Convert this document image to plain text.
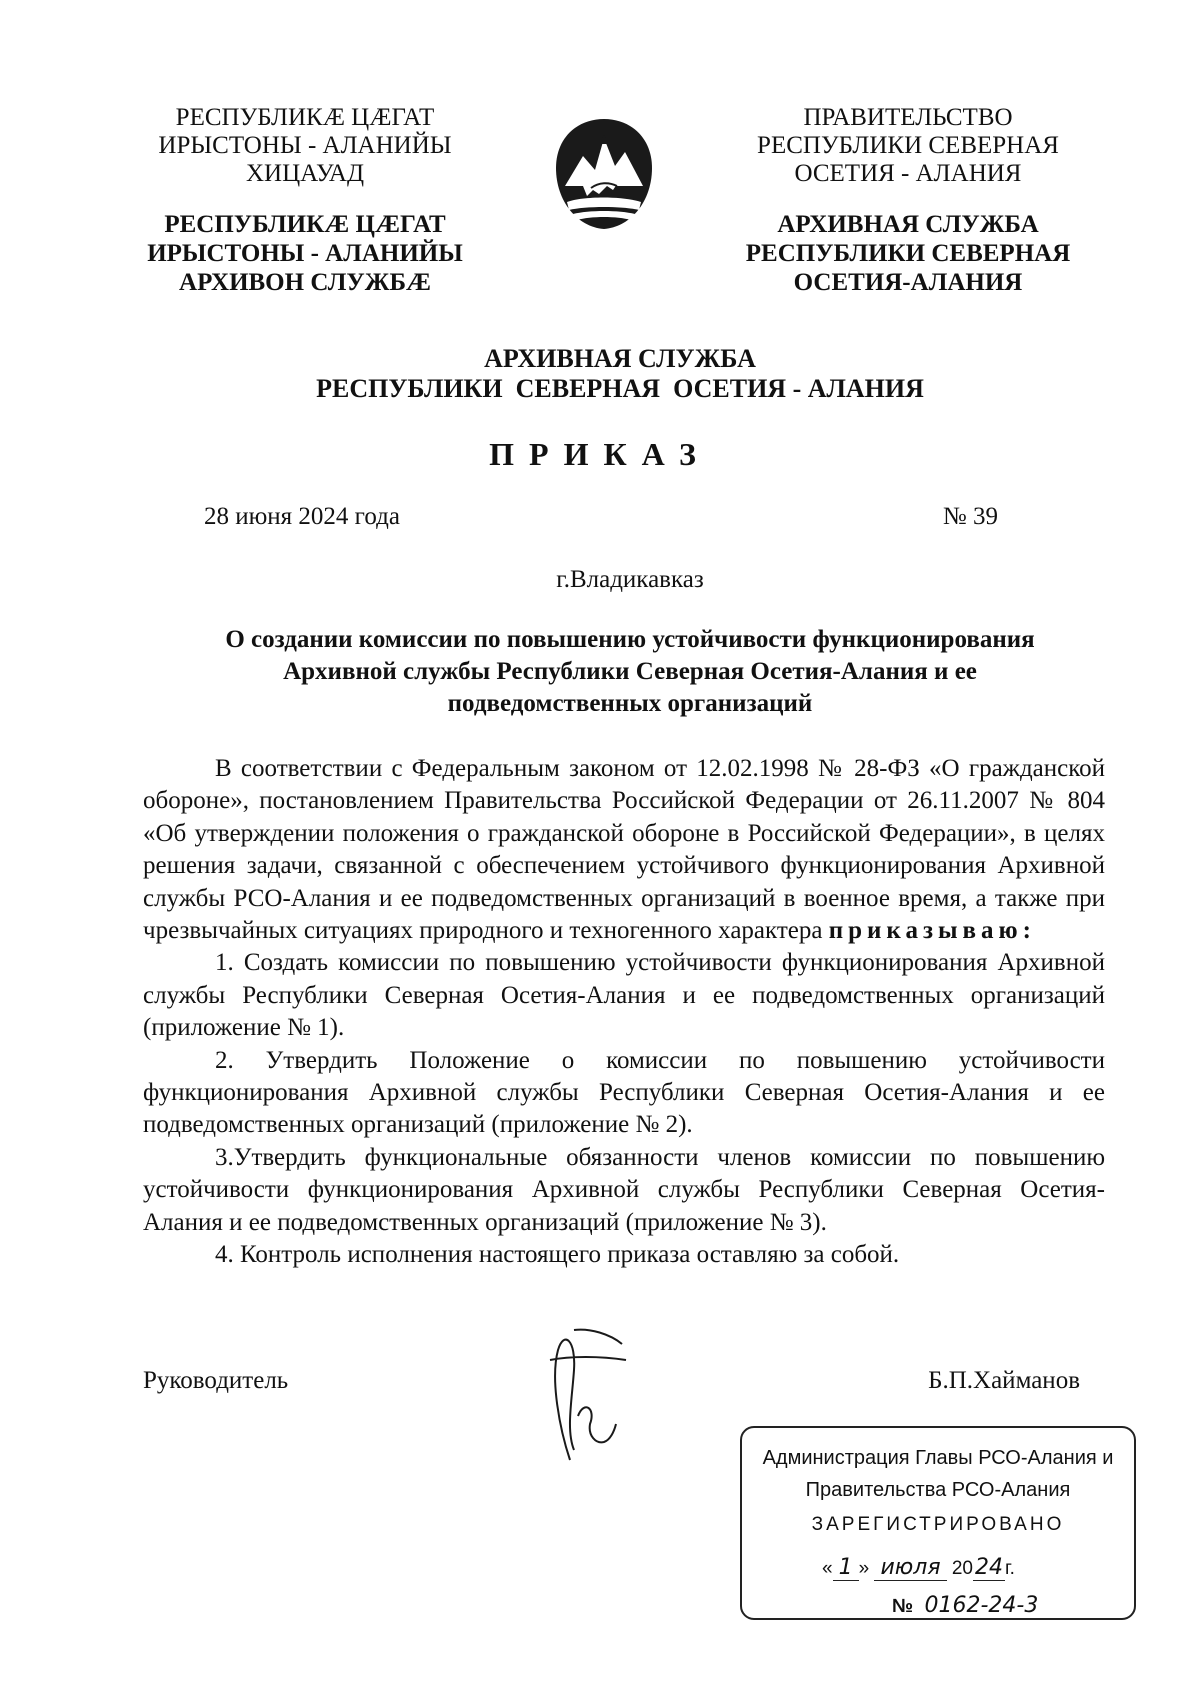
РЕСПУБЛИКÆ ЦÆГАТ
ИРЫСТОНЫ - АЛАНИЙЫ
ХИЦАУАД
РЕСПУБЛИКÆ ЦÆГАТ
ИРЫСТОНЫ - АЛАНИЙЫ
АРХИВОН СЛУЖБÆ
ПРАВИТЕЛЬСТВО
РЕСПУБЛИКИ СЕВЕРНАЯ
ОСЕТИЯ - АЛАНИЯ
АРХИВНАЯ СЛУЖБА
РЕСПУБЛИКИ СЕВЕРНАЯ
ОСЕТИЯ-АЛАНИЯ
АРХИВНАЯ СЛУЖБА
РЕСПУБЛИКИ  СЕВЕРНАЯ  ОСЕТИЯ - АЛАНИЯ
ПРИКАЗ
28 июня 2024 года	№ 39
г.Владикавказ
О создании комиссии по повышению устойчивости функционирования
Архивной службы Республики Северная Осетия-Алания и ее
подведомственных организаций

В соответствии с Федеральным законом от 12.02.1998 № 28-ФЗ «О гражданской обороне», постановлением Правительства Российской Федерации от 26.11.2007 № 804 «Об утверждении положения о гражданской обороне в Российской Федерации», в целях решения задачи, связанной с обеспечением устойчивого функционирования Архивной службы РСО-Алания и ее подведомственных организаций в военное время, а также при чрезвычайных ситуациях природного и техногенного характера приказываю:

1. Создать комиссии по повышению устойчивости функционирования Архивной службы Республики Северная Осетия-Алания и ее подведомственных организаций (приложение № 1).

2. Утвердить Положение о комиссии по повышению устойчивости функционирования Архивной службы Республики Северная Осетия-Алания и ее подведомственных организаций (приложение № 2).

3.Утвердить функциональные обязанности членов комиссии по повышению устойчивости функционирования Архивной службы Республики Северная Осетия-Алания и ее подведомственных организаций (приложение № 3).

4. Контроль исполнения настоящего приказа оставляю за собой.

Руководитель	Б.П.Хайманов
Администрация Главы РСО-Алания и
Правительства РСО-Алания
ЗАРЕГИСТРИРОВАНО
« 1 » июля 2024 г.
№ 0162-24-3
